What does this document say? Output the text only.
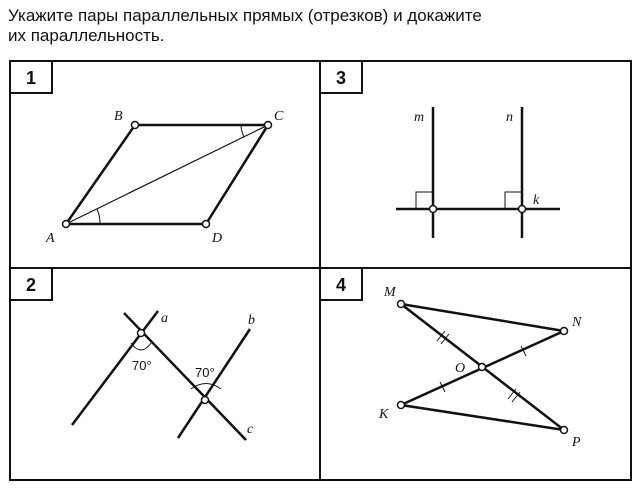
Укажите пары параллельных прямых (отрезков) и докажите
их параллельность.
1
A
B	C
D
3
m	n
k
2
a	b
c
70°	70°
4	M
N
O
K
P
